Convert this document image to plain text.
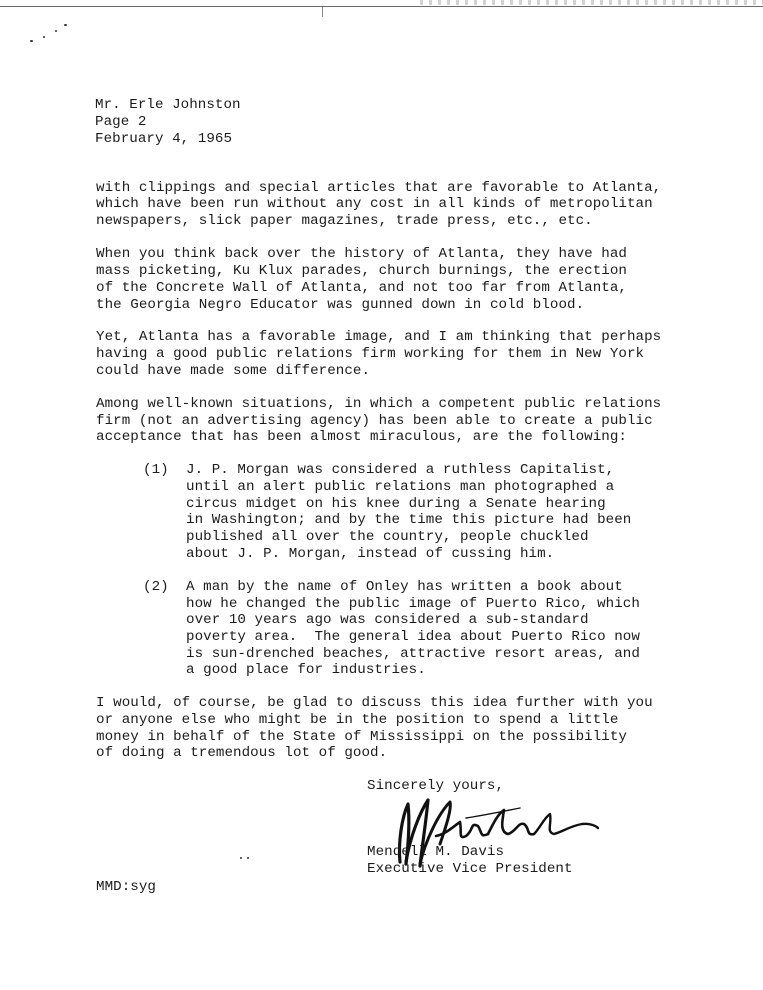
Mr. Erle Johnston
Page 2
February 4, 1965
with clippings and special articles that are favorable to Atlanta,
which have been run without any cost in all kinds of metropolitan
newspapers, slick paper magazines, trade press, etc., etc.
When you think back over the history of Atlanta, they have had
mass picketing, Ku Klux parades, church burnings, the erection
of the Concrete Wall of Atlanta, and not too far from Atlanta,
the Georgia Negro Educator was gunned down in cold blood.
Yet, Atlanta has a favorable image, and I am thinking that perhaps
having a good public relations firm working for them in New York
could have made some difference.
Among well-known situations, in which a competent public relations
firm (not an advertising agency) has been able to create a public
acceptance that has been almost miraculous, are the following:
(1) J. P. Morgan was considered a ruthless Capitalist,
until an alert public relations man photographed a
circus midget on his knee during a Senate hearing
in Washington; and by the time this picture had been
published all over the country, people chuckled
about J. P. Morgan, instead of cussing him.
(2) A man by the name of Onley has written a book about
how he changed the public image of Puerto Rico, which
over 10 years ago was considered a sub-standard
poverty area.  The general idea about Puerto Rico now
is sun-drenched beaches, attractive resort areas, and
a good place for industries.
I would, of course, be glad to discuss this idea further with you
or anyone else who might be in the position to spend a little
money in behalf of the State of Mississippi on the possibility
of doing a tremendous lot of good.
Sincerely yours,
Mendell M. Davis
Executive Vice President
MMD:syg
